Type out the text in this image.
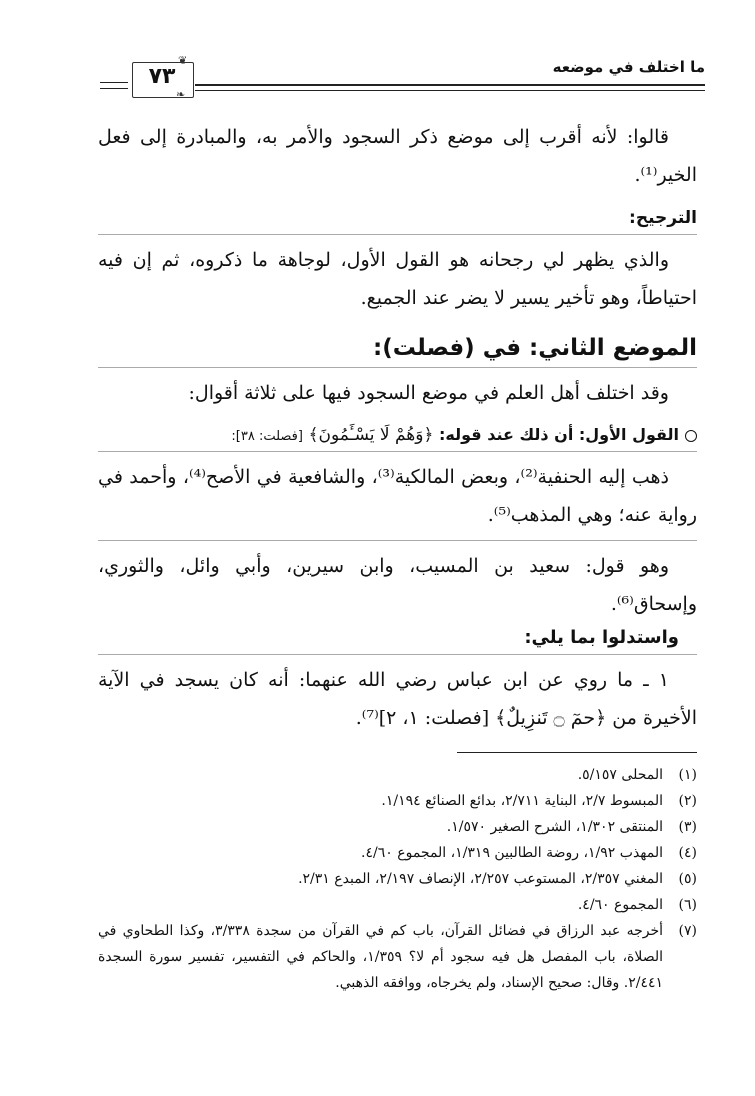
ما اختلف في موضعه
❦
❧
٧٣

قالوا: لأنه أقرب إلى موضع ذكر السجود والأمر به، والمبادرة إلى فعل الخير⁽¹⁾.

الترجيح:

والذي يظهر لي رجحانه هو القول الأول، لوجاهة ما ذكروه، ثم إن فيه احتياطاً، وهو تأخير يسير لا يضر عند الجميع.

الموضع الثاني: في (فصلت):

وقد اختلف أهل العلم في موضع السجود فيها على ثلاثة أقوال:

القول الأول: أن ذلك عند قوله: ﴿وَهُمْ لَا يَسْـَٔمُونَ﴾ [فصلت: ٣٨]:

ذهب إليه الحنفية⁽²⁾، وبعض المالكية⁽³⁾، والشافعية في الأصح⁽⁴⁾، وأحمد في رواية عنه؛ وهي المذهب⁽⁵⁾.

وهو قول: سعيد بن المسيب، وابن سيرين، وأبي وائل، والثوري، وإسحاق⁽⁶⁾.

واستدلوا بما يلي:

١ ـ ما روي عن ابن عباس رضي الله عنهما: أنه كان يسجد في الآية الأخيرة من ﴿حمٓ ۝ تَنزِيلٌ﴾ [فصلت: ١، ٢]⁽⁷⁾.

(١)
المحلى ٥/١٥٧.
(٢)
المبسوط ٢/٧، البناية ٢/٧١١، بدائع الصنائع ١/١٩٤.
(٣)
المنتقى ١/٣٠٢، الشرح الصغير ١/٥٧٠.
(٤)
المهذب ١/٩٢، روضة الطالبين ١/٣١٩، المجموع ٤/٦٠.
(٥)
المغني ٢/٣٥٧، المستوعب ٢/٢٥٧، الإنصاف ٢/١٩٧، المبدع ٢/٣١.
(٦)
المجموع ٤/٦٠.
(٧)
أخرجه عبد الرزاق في فضائل القرآن، باب كم في القرآن من سجدة ٣/٣٣٨، وكذا الطحاوي في الصلاة، باب المفصل هل فيه سجود أم لا؟ ١/٣٥٩، والحاكم في التفسير، تفسير سورة السجدة ٢/٤٤١. وقال: صحيح الإسناد، ولم يخرجاه، ووافقه الذهبي.
